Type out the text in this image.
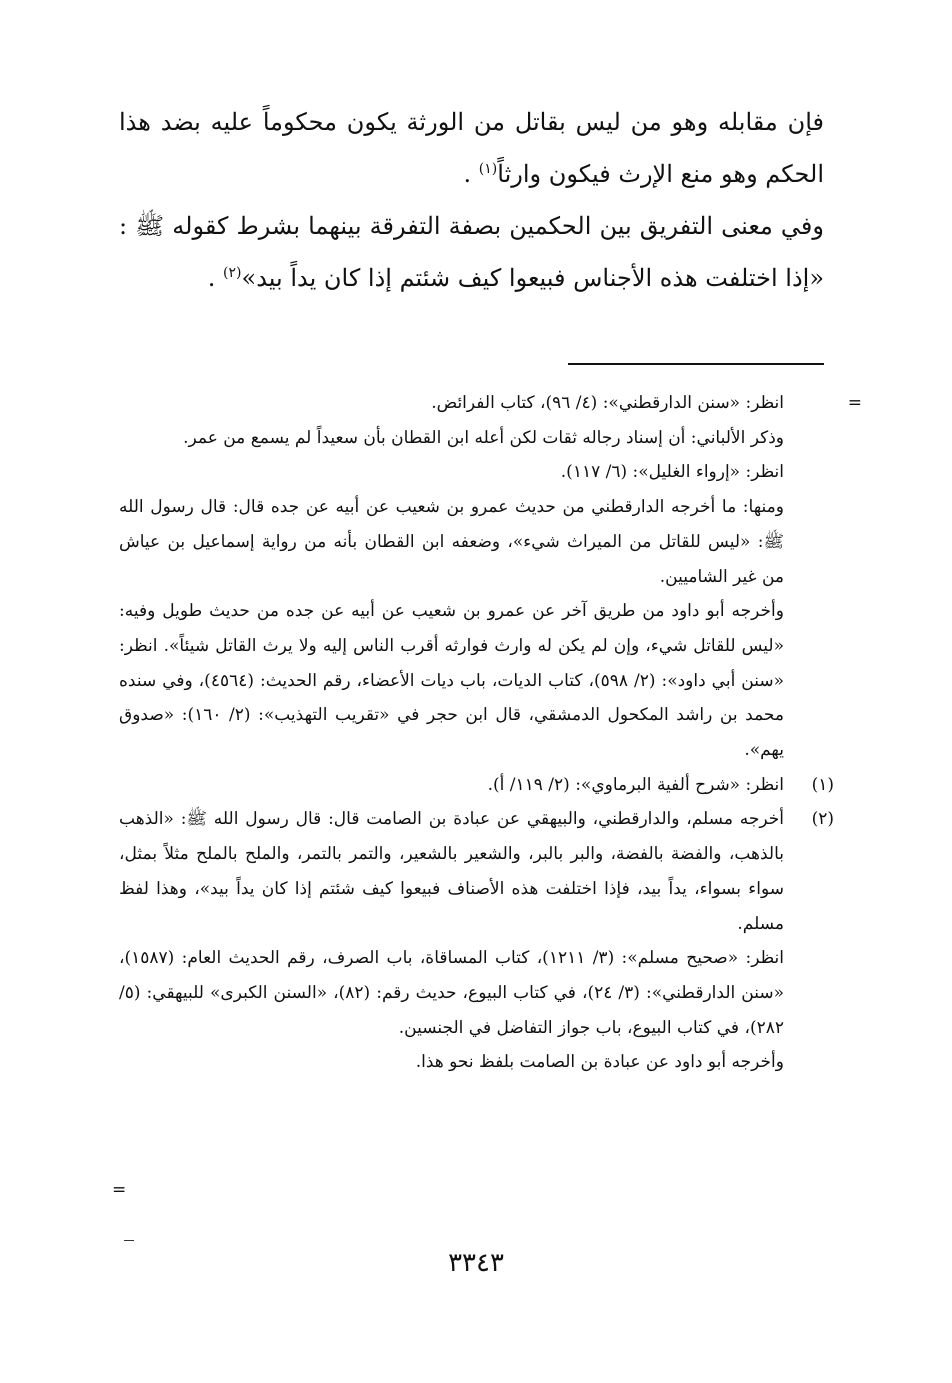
فإن مقابله وهو من ليس بقاتل من الورثة يكون محكوماً عليه بضد هذا الحكم وهو منع الإرث فيكون وارثاً$^{(١)}$ .

وفي معنى التفريق بين الحكمين بصفة التفرقة بينهما بشرط كقوله ﷺ : «إذا اختلفت هذه الأجناس فبيعوا كيف شئتم إذا كان يداً بيد»$^{(٢)}$ .

=

انظر: «سنن الدارقطني»: (٤/ ٩٦)، كتاب الفرائض.

وذكر الألباني: أن إسناد رجاله ثقات لكن أعله ابن القطان بأن سعيداً لم يسمع من عمر.

انظر: «إرواء الغليل»: (٦/ ١١٧).

ومنها: ما أخرجه الدارقطني من حديث عمرو بن شعيب عن أبيه عن جده قال: قال رسول الله ﷺ: «ليس للقاتل من الميراث شيء»، وضعفه ابن القطان بأنه من رواية إسماعيل بن عياش من غير الشاميين.

وأخرجه أبو داود من طريق آخر عن عمرو بن شعيب عن أبيه عن جده من حديث طويل وفيه: «ليس للقاتل شيء، وإن لم يكن له وارث فوارثه أقرب الناس إليه ولا يرث القاتل شيئاً». انظر: «سنن أبي داود»: (٢/ ٥٩٨)، كتاب الديات، باب ديات الأعضاء، رقم الحديث: (٤٥٦٤)، وفي سنده محمد بن راشد المكحول الدمشقي، قال ابن حجر في «تقريب التهذيب»: (٢/ ١٦٠): «صدوق يهم».

(١)

انظر: «شرح ألفية البرماوي»: (٢/ ١١٩/ أ).

(٢)

أخرجه مسلم، والدارقطني، والبيهقي عن عبادة بن الصامت قال: قال رسول الله ﷺ: «الذهب بالذهب، والفضة بالفضة، والبر بالبر، والشعير بالشعير، والتمر بالتمر، والملح بالملح مثلاً بمثل، سواء بسواء، يداً بيد، فإذا اختلفت هذه الأصناف فبيعوا كيف شئتم إذا كان يداً بيد»، وهذا لفظ مسلم.

انظر: «صحيح مسلم»: (٣/ ١٢١١)، كتاب المساقاة، باب الصرف، رقم الحديث العام: (١٥٨٧)، «سنن الدارقطني»: (٣/ ٢٤)، في كتاب البيوع، حديث رقم: (٨٢)، «السنن الكبرى» للبيهقي: (٥/ ٢٨٢)، في كتاب البيوع، باب جواز التفاضل في الجنسين.

وأخرجه أبو داود عن عبادة بن الصامت بلفظ نحو هذا.

=
٣٣٤٣
